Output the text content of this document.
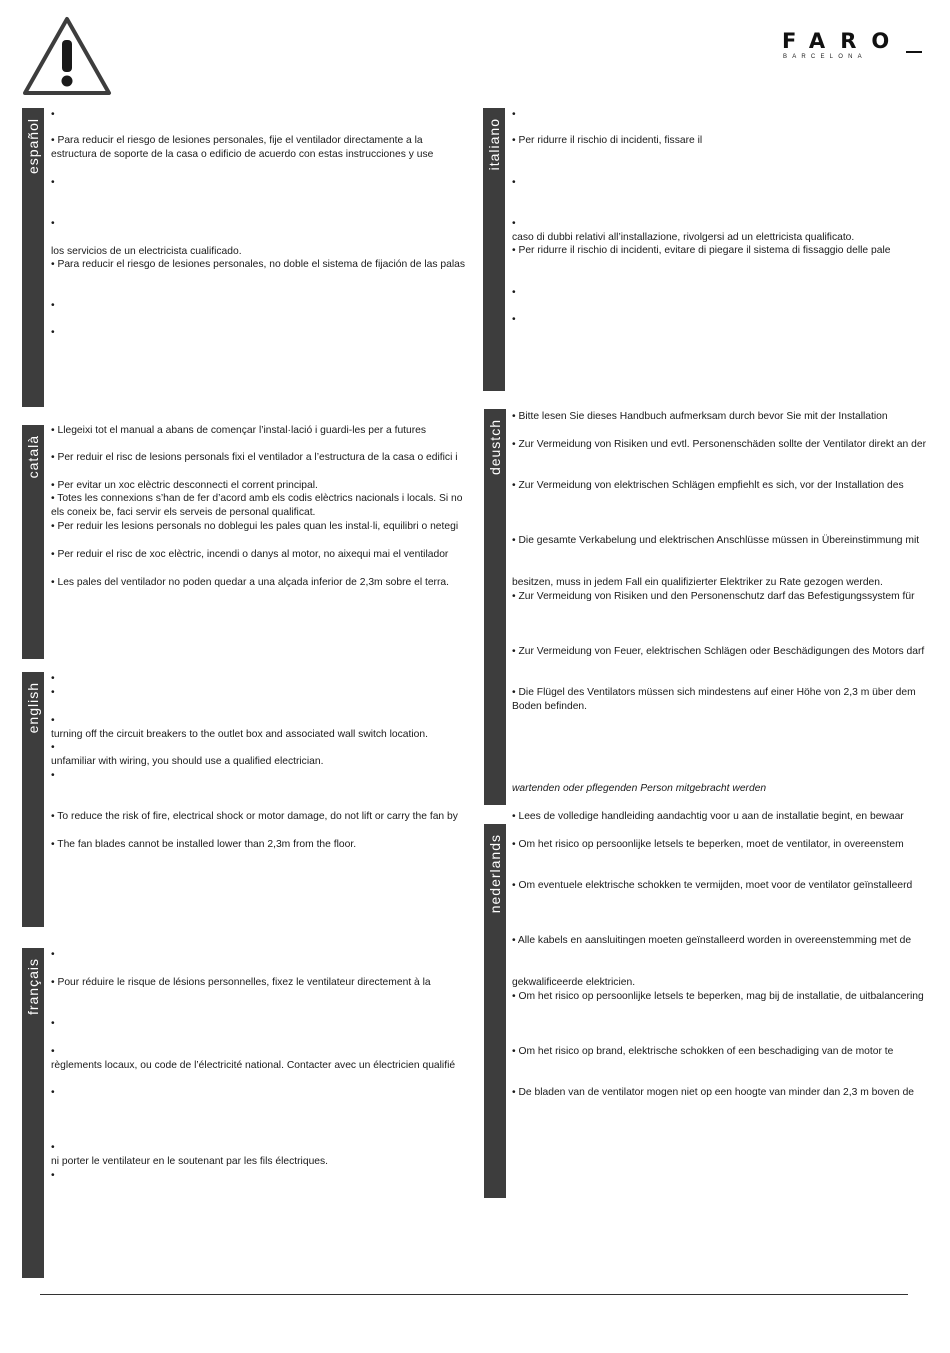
FARO
BARCELONA
español

•

• Para reducir el riesgo de lesiones personales, fije el ventilador directamente a la

estructura de soporte de la casa o edificio de acuerdo con estas instrucciones y use

•

•

los servicios de un electricista cualificado.

• Para reducir el riesgo de lesiones personales, no doble el sistema de fijación de las palas

•

•

català

• Llegeixi tot el manual a abans de començar l’instal·lació i guardi-les per a futures

• Per reduir el risc de lesions personals fixi el ventilador a l’estructura de la casa o edifici i

• Per evitar un xoc elèctric desconnecti el corrent principal.

• Totes les connexions s’han de fer d’acord amb els codis elèctrics nacionals i locals. Si no

els coneix be, faci servir els serveis de personal qualificat.

• Per reduir les lesions personals no doblegui les pales quan les instal·li, equilibri o netegi

• Per reduir el risc de xoc elèctric, incendi o danys al motor, no aixequi mai el ventilador

• Les pales del ventilador no poden quedar a una alçada inferior de 2,3m sobre el terra.

english

•

•

•

turning off the circuit breakers to the outlet box and associated wall switch location.

•

unfamiliar with wiring, you should use a qualified electrician.

•

• To reduce the risk of fire, electrical shock or motor damage, do not lift or carry the fan by

• The fan blades cannot be installed lower than 2,3m from the floor.

français

•

• Pour réduire le risque de lésions personnelles, fixez le ventilateur directement à la

•

•

règlements locaux, ou code de l’électricité national. Contacter avec un électricien qualifié

•

•

ni porter le ventilateur en le soutenant par les fils électriques.

•

italiano

•

• Per ridurre il rischio di incidenti, fissare il

•

•

caso di dubbi relativi all’installazione, rivolgersi ad un elettricista qualificato.

• Per ridurre il rischio di incidenti, evitare di piegare il sistema di fissaggio delle pale

•

•

deustch

• Bitte lesen Sie dieses Handbuch aufmerksam durch bevor Sie mit der Installation

• Zur Vermeidung von Risiken und evtl. Personenschäden sollte der Ventilator direkt an der

• Zur Vermeidung von elektrischen Schlägen empfiehlt es sich, vor der Installation des

• Die gesamte Verkabelung und elektrischen Anschlüsse müssen in Übereinstimmung mit

besitzen, muss in jedem Fall ein qualifizierter Elektriker zu Rate gezogen werden.

• Zur Vermeidung von Risiken und den Personenschutz darf das Befestigungssystem für

• Zur Vermeidung von Feuer, elektrischen Schlägen oder Beschädigungen des Motors darf

• Die Flügel des Ventilators müssen sich mindestens auf einer Höhe von 2,3 m über dem

Boden befinden.

wartenden oder pflegenden Person mitgebracht werden

nederlands

• Lees de volledige handleiding aandachtig voor u aan de installatie begint, en bewaar

• Om het risico op persoonlijke letsels te beperken, moet de ventilator, in overeenstem

• Om eventuele elektrische schokken te vermijden, moet voor de ventilator geïnstalleerd

• Alle kabels en aansluitingen moeten geïnstalleerd worden in overeenstemming met de

gekwalificeerde elektricien.

• Om het risico op persoonlijke letsels te beperken, mag bij de installatie, de uitbalancering

• Om het risico op brand, elektrische schokken of een beschadiging van de motor te

• De bladen van de ventilator mogen niet op een hoogte van minder dan 2,3 m boven de
